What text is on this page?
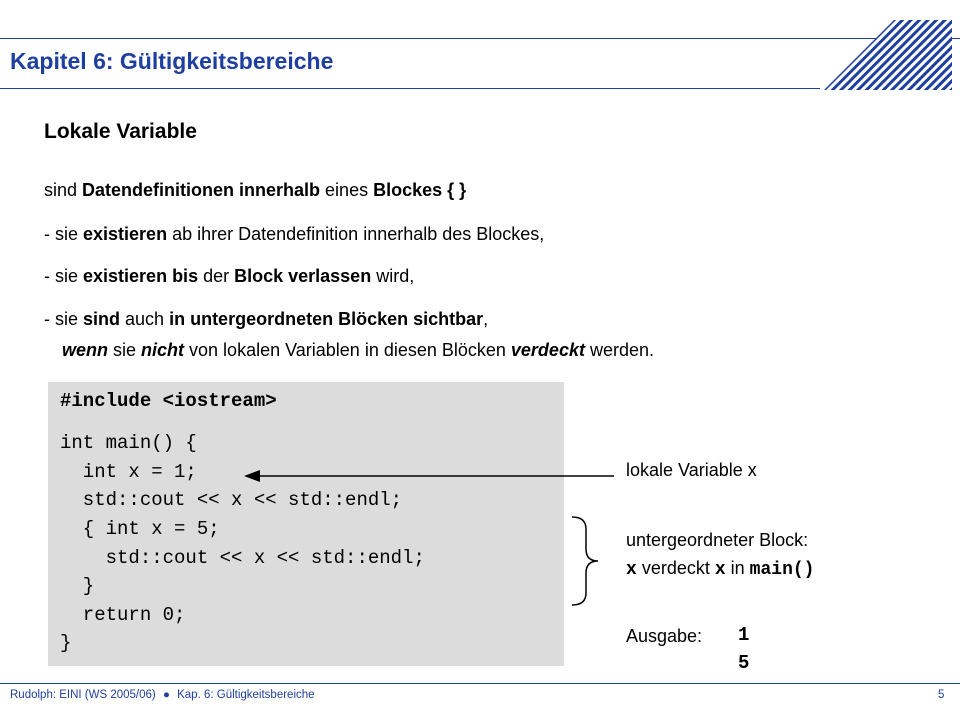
Kapitel 6: Gültigkeitsbereiche
Lokale Variable
sind Datendefinitionen innerhalb eines Blockes { }
- sie existieren ab ihrer Datendefinition innerhalb des Blockes,
- sie existieren bis der Block verlassen wird,
- sie sind auch in untergeordneten Blöcken sichtbar,
wenn sie nicht von lokalen Variablen in diesen Blöcken verdeckt werden.
#include <iostream>
int main() {
int x = 1;
std::cout << x << std::endl;
{ int x = 5;
std::cout << x << std::endl;
}
return 0;
}
lokale Variable x
untergeordneter Block:
x verdeckt x in main()
Ausgabe: 1
5
Rudolph: EINI (WS 2005/06) ● Kap. 6: Gültigkeitsbereiche	5
